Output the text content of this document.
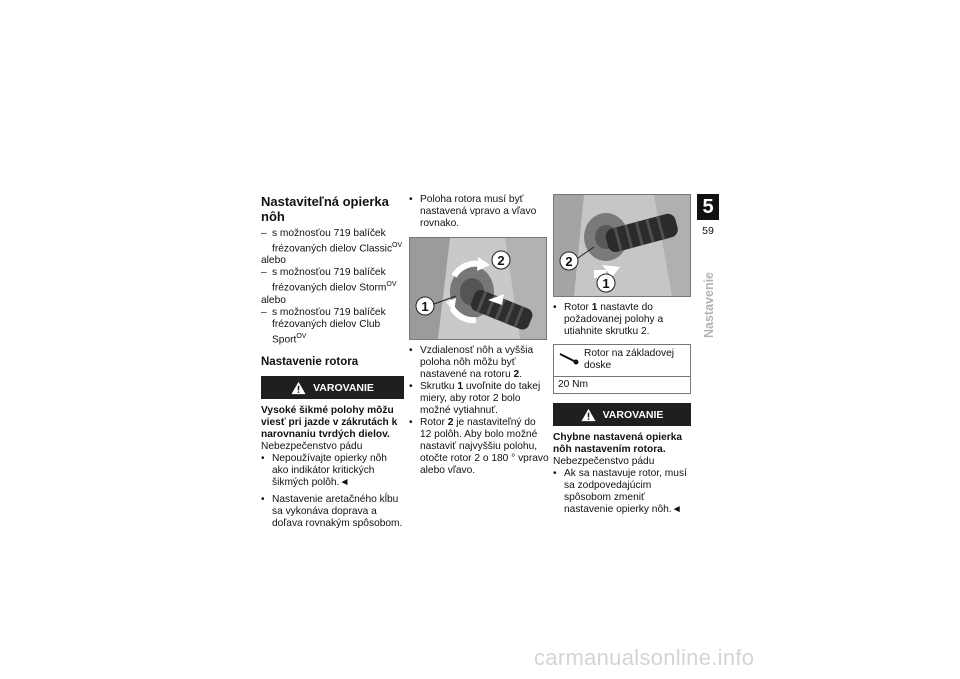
Nastaviteľná opierka nôh
– s možnosťou 719 balíček frézovaných dielov Classic$^{OV}$
alebo
– s možnosťou 719 balíček frézovaných dielov Storm$^{OV}$
alebo
– s možnosťou 719 balíček frézovaných dielov Club Sport$^{OV}$
Nastavenie rotora
VAROVANIE
Vysoké šikmé polohy môžu viesť pri jazde v zákrutách k narovnaniu tvrdých dielov.
Nebezpečenstvo pádu
• Nepoužívajte opierky nôh ako indikátor kritických šikmých polôh.◄
• Nastavenie aretačného kĺbu sa vykonáva doprava a doľava rovnakým spôsobom.
• Poloha rotora musí byť nastavená vpravo a vľavo rovnako.
2
1
• Vzdialenosť nôh a vyššia poloha nôh môžu byť nastavené na rotoru 2.
• Skrutku 1 uvoľnite do takej miery, aby rotor 2 bolo možné vytiahnuť.
• Rotor 2 je nastaviteľný do 12 polôh. Aby bolo možné nastaviť najvyššiu polohu, otočte rotor 2 o 180 ° vpravo alebo vľavo.
2
1
• Rotor 1 nastavte do požadovanej polohy a utiahnite skrutku 2.
Rotor na základovej doske
20 Nm
VAROVANIE
Chybne nastavená opierka nôh nastavením rotora.
Nebezpečenstvo pádu
• Ak sa nastavuje rotor, musí sa zodpovedajúcim spôsobom zmeniť nastavenie opierky nôh.◄
5
59
Nastavenie
carmanualsonline.info
